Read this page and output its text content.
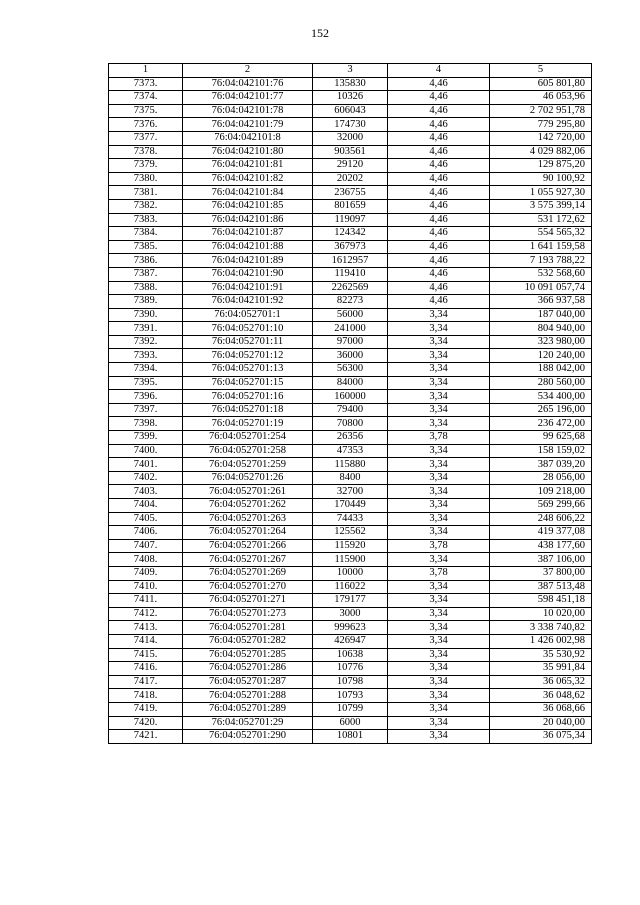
152
1	2	3	4	5
7373.	76:04:042101:76	135830	4,46	605 801,80
7374.	76:04:042101:77	10326	4,46	46 053,96
7375.	76:04:042101:78	606043	4,46	2 702 951,78
7376.	76:04:042101:79	174730	4,46	779 295,80
7377.	76:04:042101:8	32000	4,46	142 720,00
7378.	76:04:042101:80	903561	4,46	4 029 882,06
7379.	76:04:042101:81	29120	4,46	129 875,20
7380.	76:04:042101:82	20202	4,46	90 100,92
7381.	76:04:042101:84	236755	4,46	1 055 927,30
7382.	76:04:042101:85	801659	4,46	3 575 399,14
7383.	76:04:042101:86	119097	4,46	531 172,62
7384.	76:04:042101:87	124342	4,46	554 565,32
7385.	76:04:042101:88	367973	4,46	1 641 159,58
7386.	76:04:042101:89	1612957	4,46	7 193 788,22
7387.	76:04:042101:90	119410	4,46	532 568,60
7388.	76:04:042101:91	2262569	4,46	10 091 057,74
7389.	76:04:042101:92	82273	4,46	366 937,58
7390.	76:04:052701:1	56000	3,34	187 040,00
7391.	76:04:052701:10	241000	3,34	804 940,00
7392.	76:04:052701:11	97000	3,34	323 980,00
7393.	76:04:052701:12	36000	3,34	120 240,00
7394.	76:04:052701:13	56300	3,34	188 042,00
7395.	76:04:052701:15	84000	3,34	280 560,00
7396.	76:04:052701:16	160000	3,34	534 400,00
7397.	76:04:052701:18	79400	3,34	265 196,00
7398.	76:04:052701:19	70800	3,34	236 472,00
7399.	76:04:052701:254	26356	3,78	99 625,68
7400.	76:04:052701:258	47353	3,34	158 159,02
7401.	76:04:052701:259	115880	3,34	387 039,20
7402.	76:04:052701:26	8400	3,34	28 056,00
7403.	76:04:052701:261	32700	3,34	109 218,00
7404.	76:04:052701:262	170449	3,34	569 299,66
7405.	76:04:052701:263	74433	3,34	248 606,22
7406.	76:04:052701:264	125562	3,34	419 377,08
7407.	76:04:052701:266	115920	3,78	438 177,60
7408.	76:04:052701:267	115900	3,34	387 106,00
7409.	76:04:052701:269	10000	3,78	37 800,00
7410.	76:04:052701:270	116022	3,34	387 513,48
7411.	76:04:052701:271	179177	3,34	598 451,18
7412.	76:04:052701:273	3000	3,34	10 020,00
7413.	76:04:052701:281	999623	3,34	3 338 740,82
7414.	76:04:052701:282	426947	3,34	1 426 002,98
7415.	76:04:052701:285	10638	3,34	35 530,92
7416.	76:04:052701:286	10776	3,34	35 991,84
7417.	76:04:052701:287	10798	3,34	36 065,32
7418.	76:04:052701:288	10793	3,34	36 048,62
7419.	76:04:052701:289	10799	3,34	36 068,66
7420.	76:04:052701:29	6000	3,34	20 040,00
7421.	76:04:052701:290	10801	3,34	36 075,34
